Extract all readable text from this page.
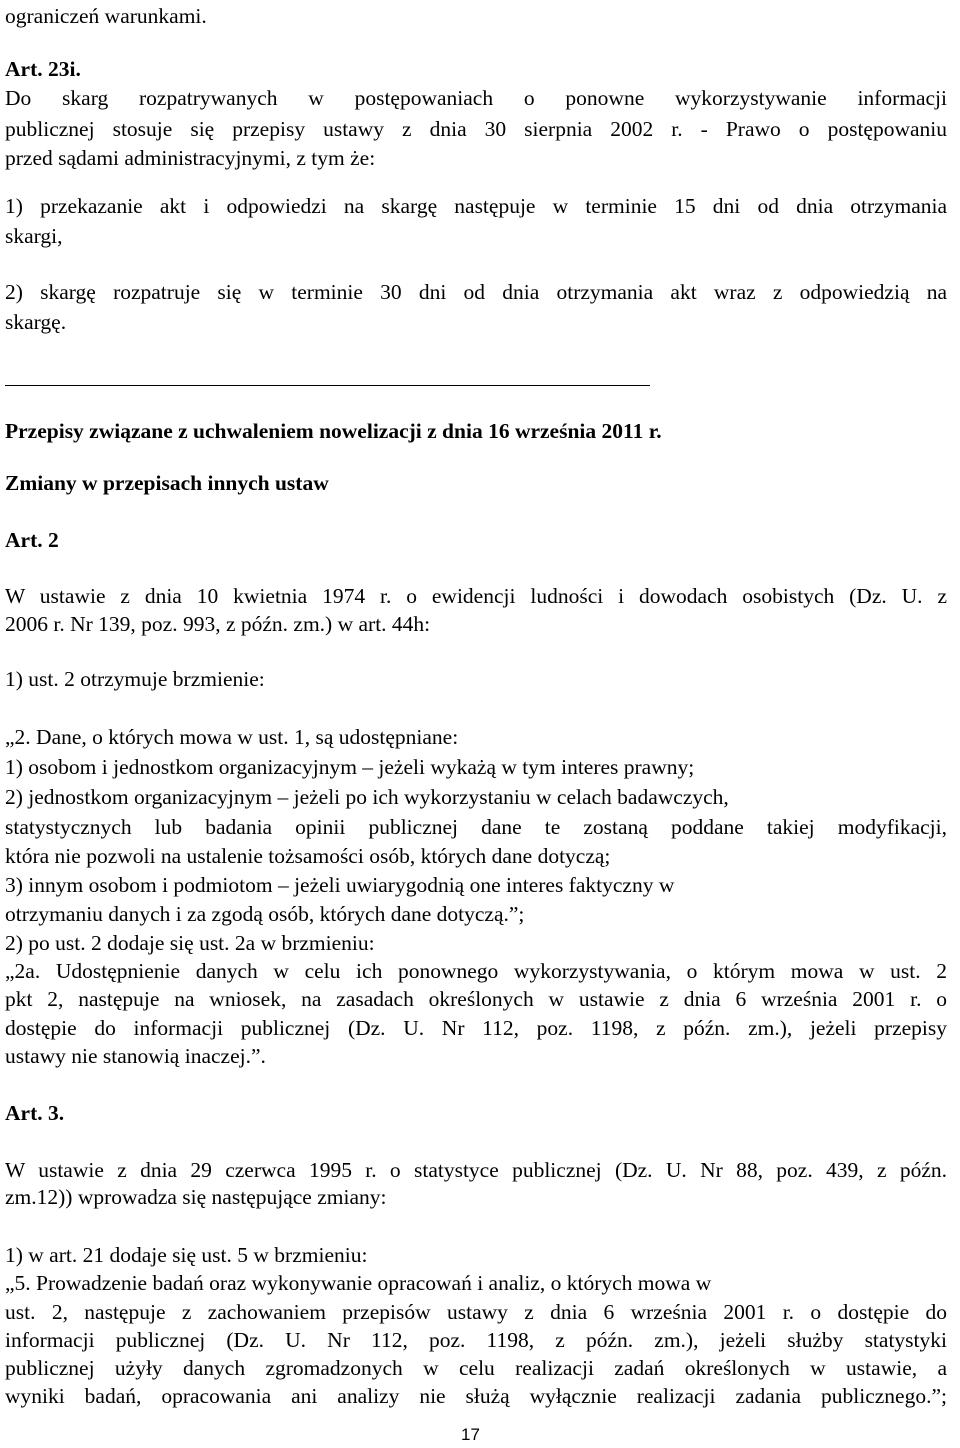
ograniczeń warunkami.
Art. 23i.
Do skarg rozpatrywanych w postępowaniach o ponowne wykorzystywanie informacji
publicznej stosuje się przepisy ustawy z dnia 30 sierpnia 2002 r. - Prawo o postępowaniu
przed sądami administracyjnymi, z tym że:
1) przekazanie akt i odpowiedzi na skargę następuje w terminie 15 dni od dnia otrzymania
skargi,
2) skargę rozpatruje się w terminie 30 dni od dnia otrzymania akt wraz z odpowiedzią na
skargę.
Przepisy związane z uchwaleniem nowelizacji z dnia 16 września 2011 r.
Zmiany w przepisach innych ustaw
Art. 2
W ustawie z dnia 10 kwietnia 1974 r. o ewidencji ludności i dowodach osobistych (Dz. U. z
2006 r. Nr 139, poz. 993, z późn. zm.) w art. 44h:
1) ust. 2 otrzymuje brzmienie:
„2. Dane, o których mowa w ust. 1, są udostępniane:
1) osobom i jednostkom organizacyjnym – jeżeli wykażą w tym interes prawny;
2) jednostkom organizacyjnym – jeżeli po ich wykorzystaniu w celach badawczych,
statystycznych lub badania opinii publicznej dane te zostaną poddane takiej modyfikacji,
która nie pozwoli na ustalenie tożsamości osób, których dane dotyczą;
3) innym osobom i podmiotom – jeżeli uwiarygodnią one interes faktyczny w
otrzymaniu danych i za zgodą osób, których dane dotyczą.”;
2) po ust. 2 dodaje się ust. 2a w brzmieniu:
„2a. Udostępnienie danych w celu ich ponownego wykorzystywania, o którym mowa w ust. 2
pkt 2, następuje na wniosek, na zasadach określonych w ustawie z dnia 6 września 2001 r. o
dostępie do informacji publicznej (Dz. U. Nr 112, poz. 1198, z późn. zm.), jeżeli przepisy
ustawy nie stanowią inaczej.”.
Art. 3.
W ustawie z dnia 29 czerwca 1995 r. o statystyce publicznej (Dz. U. Nr 88, poz. 439, z późn.
zm.12)) wprowadza się następujące zmiany:
1) w art. 21 dodaje się ust. 5 w brzmieniu:
„5. Prowadzenie badań oraz wykonywanie opracowań i analiz, o których mowa w
ust. 2, następuje z zachowaniem przepisów ustawy z dnia 6 września 2001 r. o dostępie do
informacji publicznej (Dz. U. Nr 112, poz. 1198, z późn. zm.), jeżeli służby statystyki
publicznej użyły danych zgromadzonych w celu realizacji zadań określonych w ustawie, a
wyniki badań, opracowania ani analizy nie służą wyłącznie realizacji zadania publicznego.”;
17
